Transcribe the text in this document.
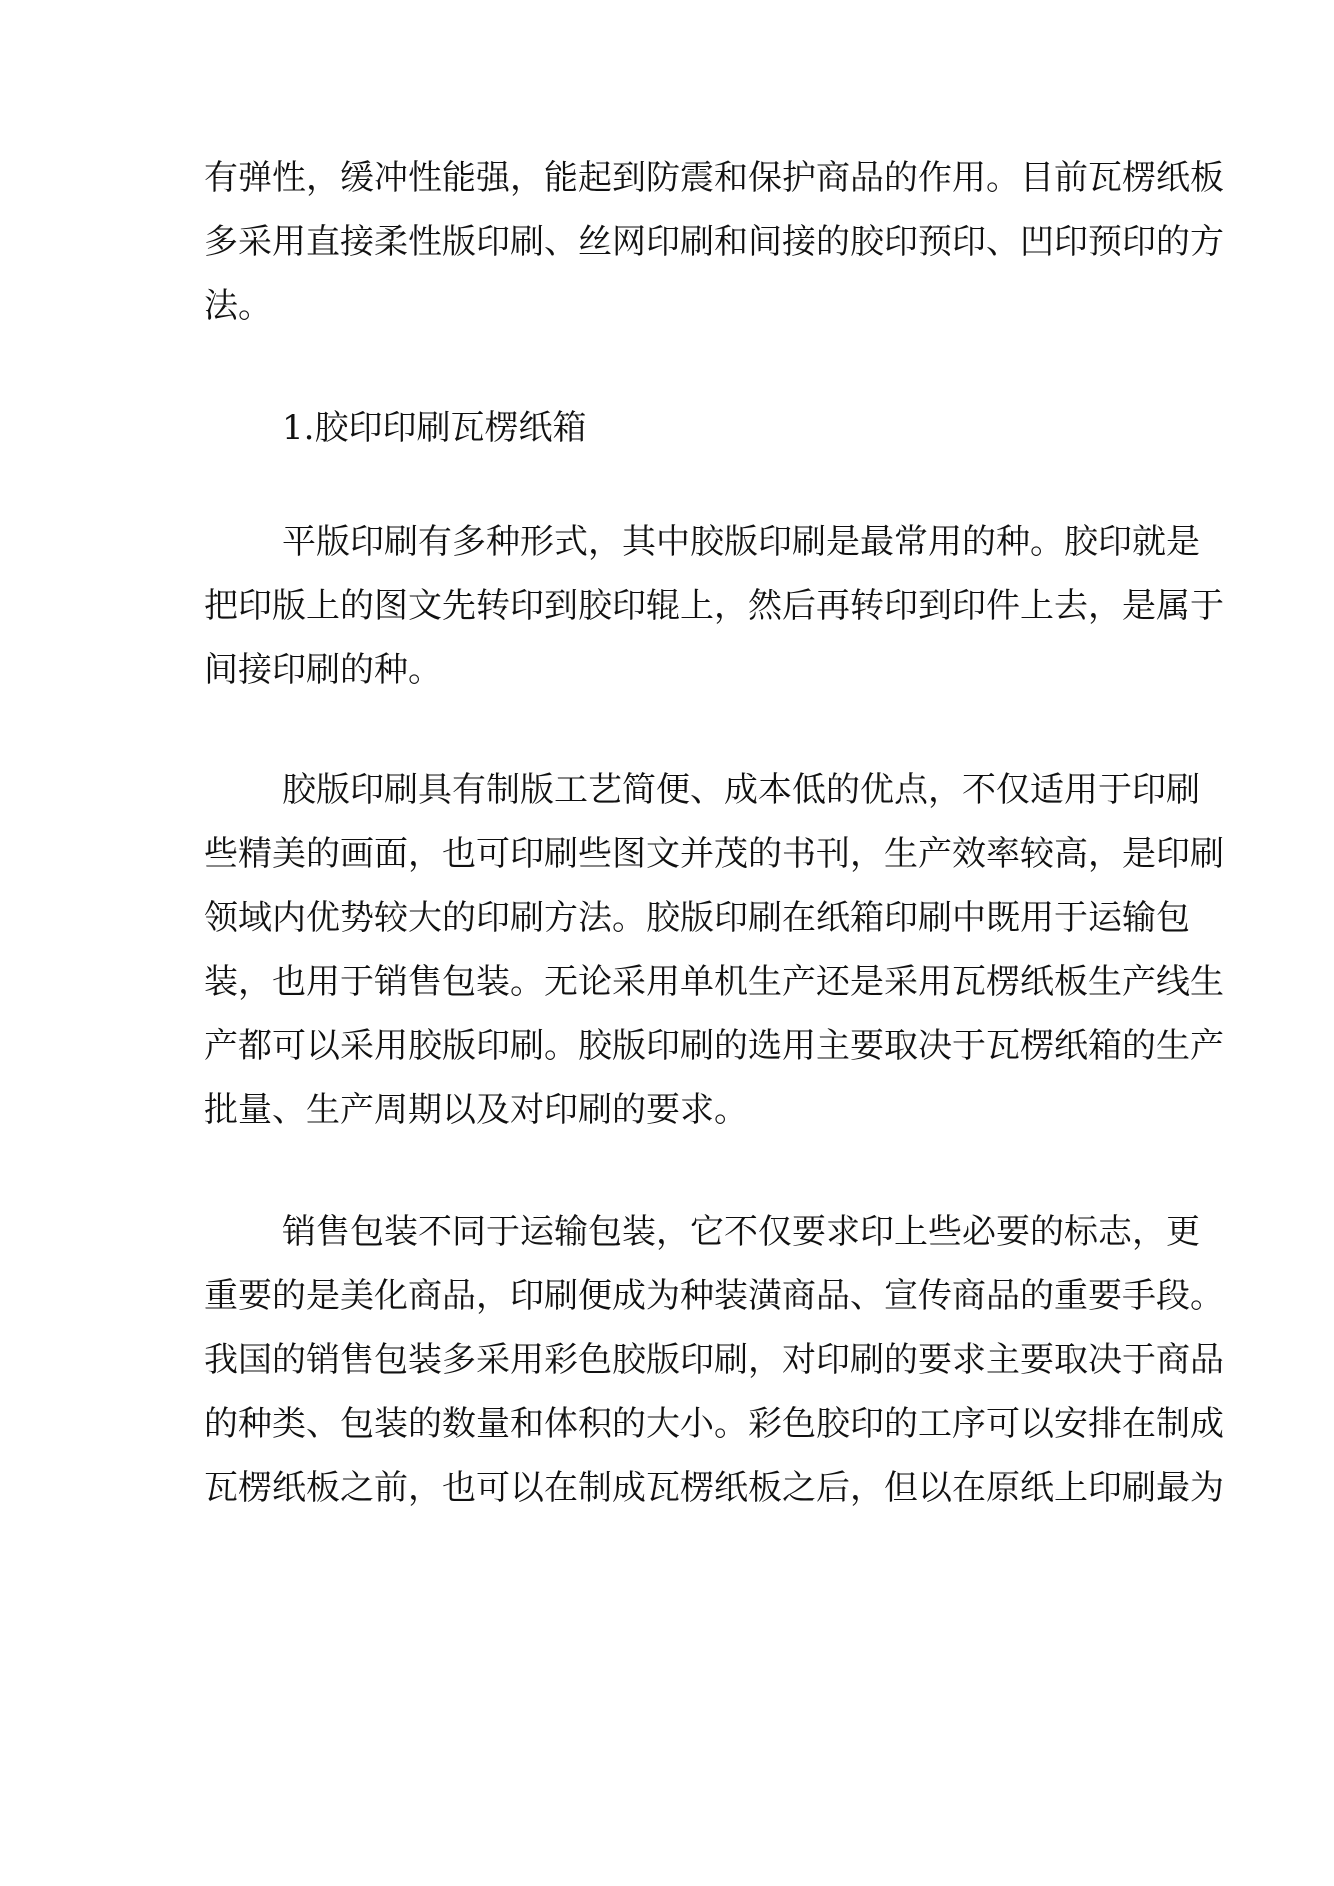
有弹性，缓冲性能强，能起到防震和保护商品的作用。目前瓦楞纸板
多采用直接柔性版印刷、丝网印刷和间接的胶印预印、凹印预印的方
法。
1.胶印印刷瓦楞纸箱
平版印刷有多种形式，其中胶版印刷是最常用的种。胶印就是
把印版上的图文先转印到胶印辊上，然后再转印到印件上去，是属于
间接印刷的种。
胶版印刷具有制版工艺简便、成本低的优点，不仅适用于印刷
些精美的画面，也可印刷些图文并茂的书刊，生产效率较高，是印刷
领域内优势较大的印刷方法。胶版印刷在纸箱印刷中既用于运输包
装，也用于销售包装。无论采用单机生产还是采用瓦楞纸板生产线生
产都可以采用胶版印刷。胶版印刷的选用主要取决于瓦楞纸箱的生产
批量、生产周期以及对印刷的要求。
销售包装不同于运输包装，它不仅要求印上些必要的标志，更
重要的是美化商品，印刷便成为种装潢商品、宣传商品的重要手段。
我国的销售包装多采用彩色胶版印刷，对印刷的要求主要取决于商品
的种类、包装的数量和体积的大小。彩色胶印的工序可以安排在制成
瓦楞纸板之前，也可以在制成瓦楞纸板之后，但以在原纸上印刷最为
